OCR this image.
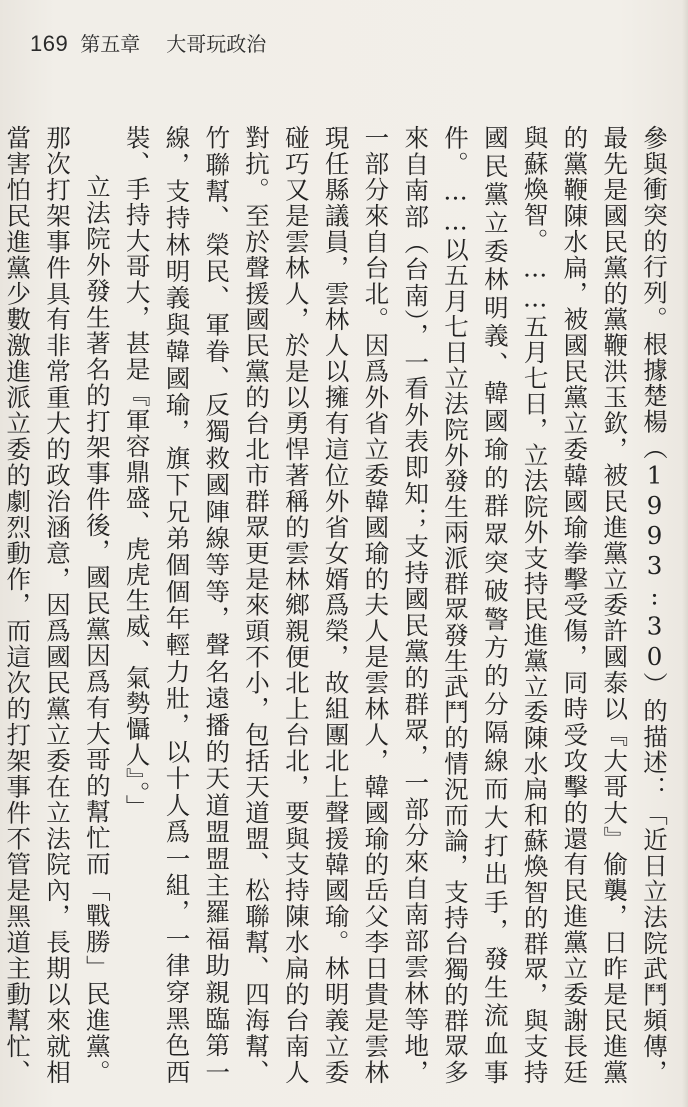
169 第五章 大哥玩政治

參與衝突的行列。根據楚楊（1993:30）的描述：「近日立法院武鬥頻傳，最先是國民黨的黨鞭洪玉欽，被民進黨立委許國泰以『大哥大』偷襲，日昨是民進黨的黨鞭陳水扁，被國民黨立委韓國瑜拳擊受傷，同時受攻擊的還有民進黨立委謝長廷與蘇煥智。……五月七日，立法院外支持民進黨立委陳水扁和蘇煥智的群眾，與支持國民黨立委林明義、韓國瑜的群眾突破警方的分隔線而大打出手，發生流血事件。……以五月七日立法院外發生兩派群眾發生武鬥的情況而論，支持台獨的群眾多來自南部（台南），一看外表即知；支持國民黨的群眾，一部分來自南部雲林等地，一部分來自台北。因爲外省立委韓國瑜的夫人是雲林人，韓國瑜的岳父李日貴是雲林現任縣議員，雲林人以擁有這位外省女婿爲榮，故組團北上聲援韓國瑜。林明義立委碰巧又是雲林人，於是以勇悍著稱的雲林鄉親便北上台北，要與支持陳水扁的台南人對抗。至於聲援國民黨的台北市群眾更是來頭不小，包括天道盟、松聯幫、四海幫、竹聯幫、榮民、軍眷、反獨救國陣線等等，聲名遠播的天道盟盟主羅福助親臨第一線，支持林明義與韓國瑜，旗下兄弟個個年輕力壯，以十人爲一組，一律穿黑色西裝、手持大哥大，甚是『軍容鼎盛、虎虎生威、氣勢懾人』。」

立法院外發生著名的打架事件後，國民黨因爲有大哥的幫忙而「戰勝」民進黨。那次打架事件具有非常重大的政治涵意，因爲國民黨立委在立法院內，長期以來就相當害怕民進黨少數激進派立委的劇烈動作，而這次的打架事件不管是黑道主動幫忙、
